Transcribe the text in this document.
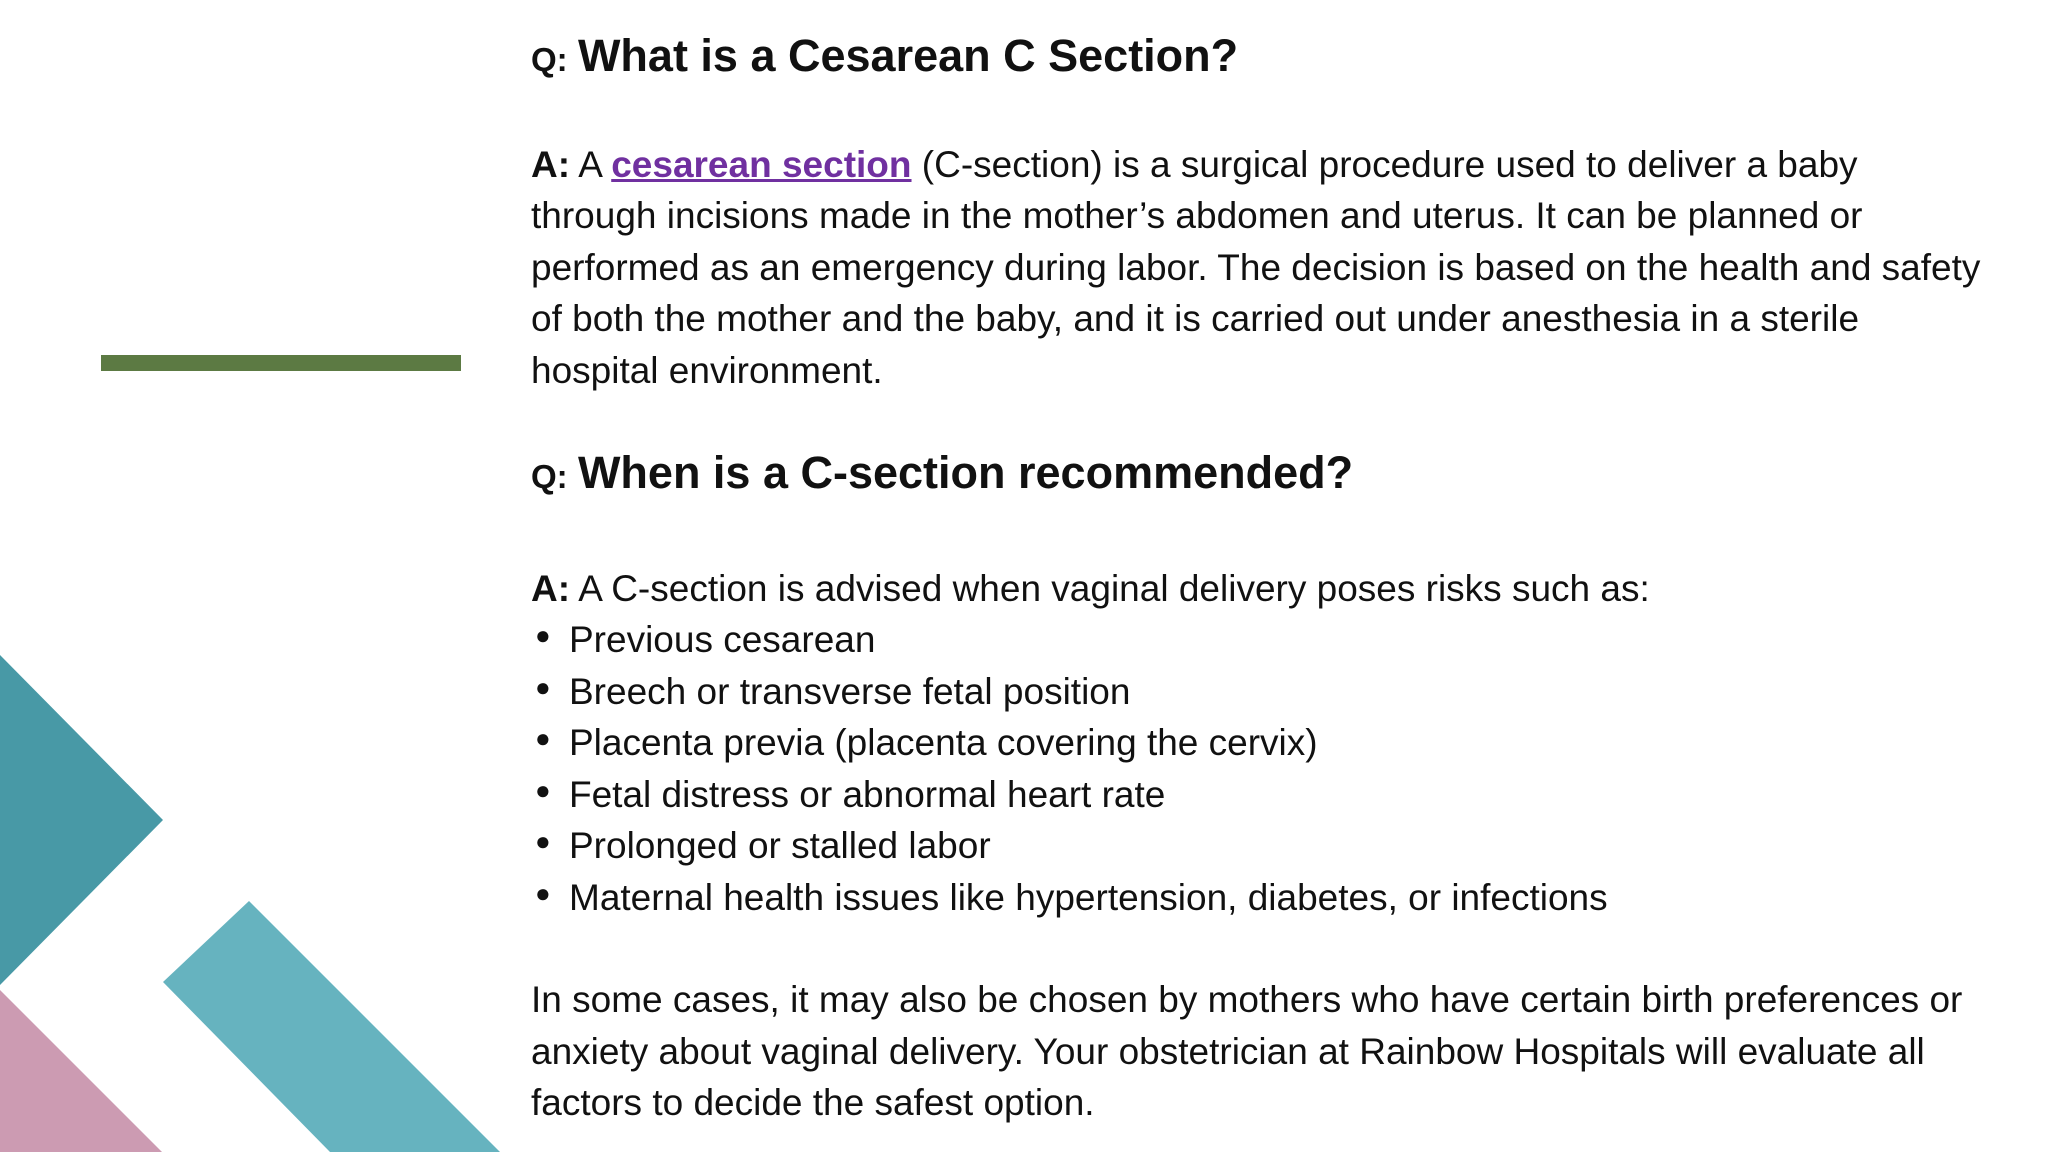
Q: What is a Cesarean C Section?

A: A cesarean section (C-section) is a surgical procedure used to deliver a baby through incisions made in the mother’s abdomen and uterus. It can be planned or performed as an emergency during labor. The decision is based on the health and safety of both the mother and the baby, and it is carried out under anesthesia in a sterile hospital environment.

Q: When is a C-section recommended?

A: A C-section is advised when vaginal delivery poses risks such as:

● Previous cesarean
● Breech or transverse fetal position
● Placenta previa (placenta covering the cervix)
● Fetal distress or abnormal heart rate
● Prolonged or stalled labor
● Maternal health issues like hypertension, diabetes, or infections

In some cases, it may also be chosen by mothers who have certain birth preferences or anxiety about vaginal delivery. Your obstetrician at Rainbow Hospitals will evaluate all factors to decide the safest option.
